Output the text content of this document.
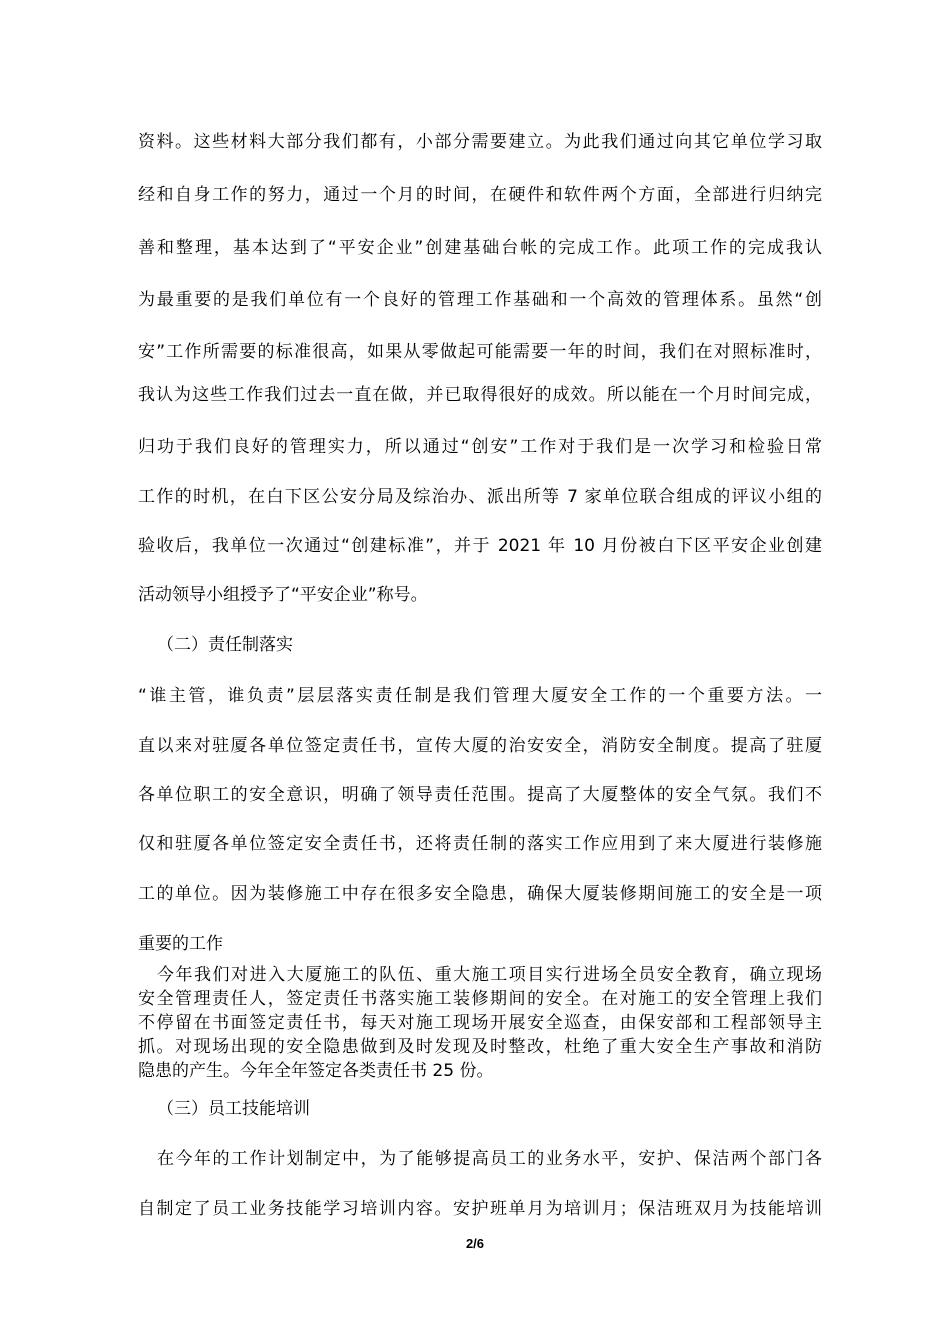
资料。这些材料大部分我们都有，小部分需要建立。为此我们通过向其它单位学习取
经和自身工作的努力，通过一个月的时间，在硬件和软件两个方面，全部进行归纳完
善和整理，基本达到了“平安企业”创建基础台帐的完成工作。此项工作的完成我认
为最重要的是我们单位有一个良好的管理工作基础和一个高效的管理体系。虽然“创
安”工作所需要的标准很高，如果从零做起可能需要一年的时间，我们在对照标准时，
我认为这些工作我们过去一直在做，并已取得很好的成效。所以能在一个月时间完成，
归功于我们良好的管理实力，所以通过“创安”工作对于我们是一次学习和检验日常
工作的时机，在白下区公安分局及综治办、派出所等 7 家单位联合组成的评议小组的
验收后，我单位一次通过“创建标准”，并于 2021 年 10 月份被白下区平安企业创建
活动领导小组授予了“平安企业”称号。
（二）责任制落实
“谁主管，谁负责”层层落实责任制是我们管理大厦安全工作的一个重要方法。一
直以来对驻厦各单位签定责任书，宣传大厦的治安安全，消防安全制度。提高了驻厦
各单位职工的安全意识，明确了领导责任范围。提高了大厦整体的安全气氛。我们不
仅和驻厦各单位签定安全责任书，还将责任制的落实工作应用到了来大厦进行装修施
工的单位。因为装修施工中存在很多安全隐患，确保大厦装修期间施工的安全是一项
重要的工作
今年我们对进入大厦施工的队伍、重大施工项目实行进场全员安全教育，确立现场
安全管理责任人，签定责任书落实施工装修期间的安全。在对施工的安全管理上我们
不停留在书面签定责任书，每天对施工现场开展安全巡查，由保安部和工程部领导主
抓。对现场出现的安全隐患做到及时发现及时整改，杜绝了重大安全生产事故和消防
隐患的产生。今年全年签定各类责任书 25 份。
（三）员工技能培训
在今年的工作计划制定中，为了能够提高员工的业务水平，安护、保洁两个部门各
自制定了员工业务技能学习培训内容。安护班单月为培训月；保洁班双月为技能培训
2/6
